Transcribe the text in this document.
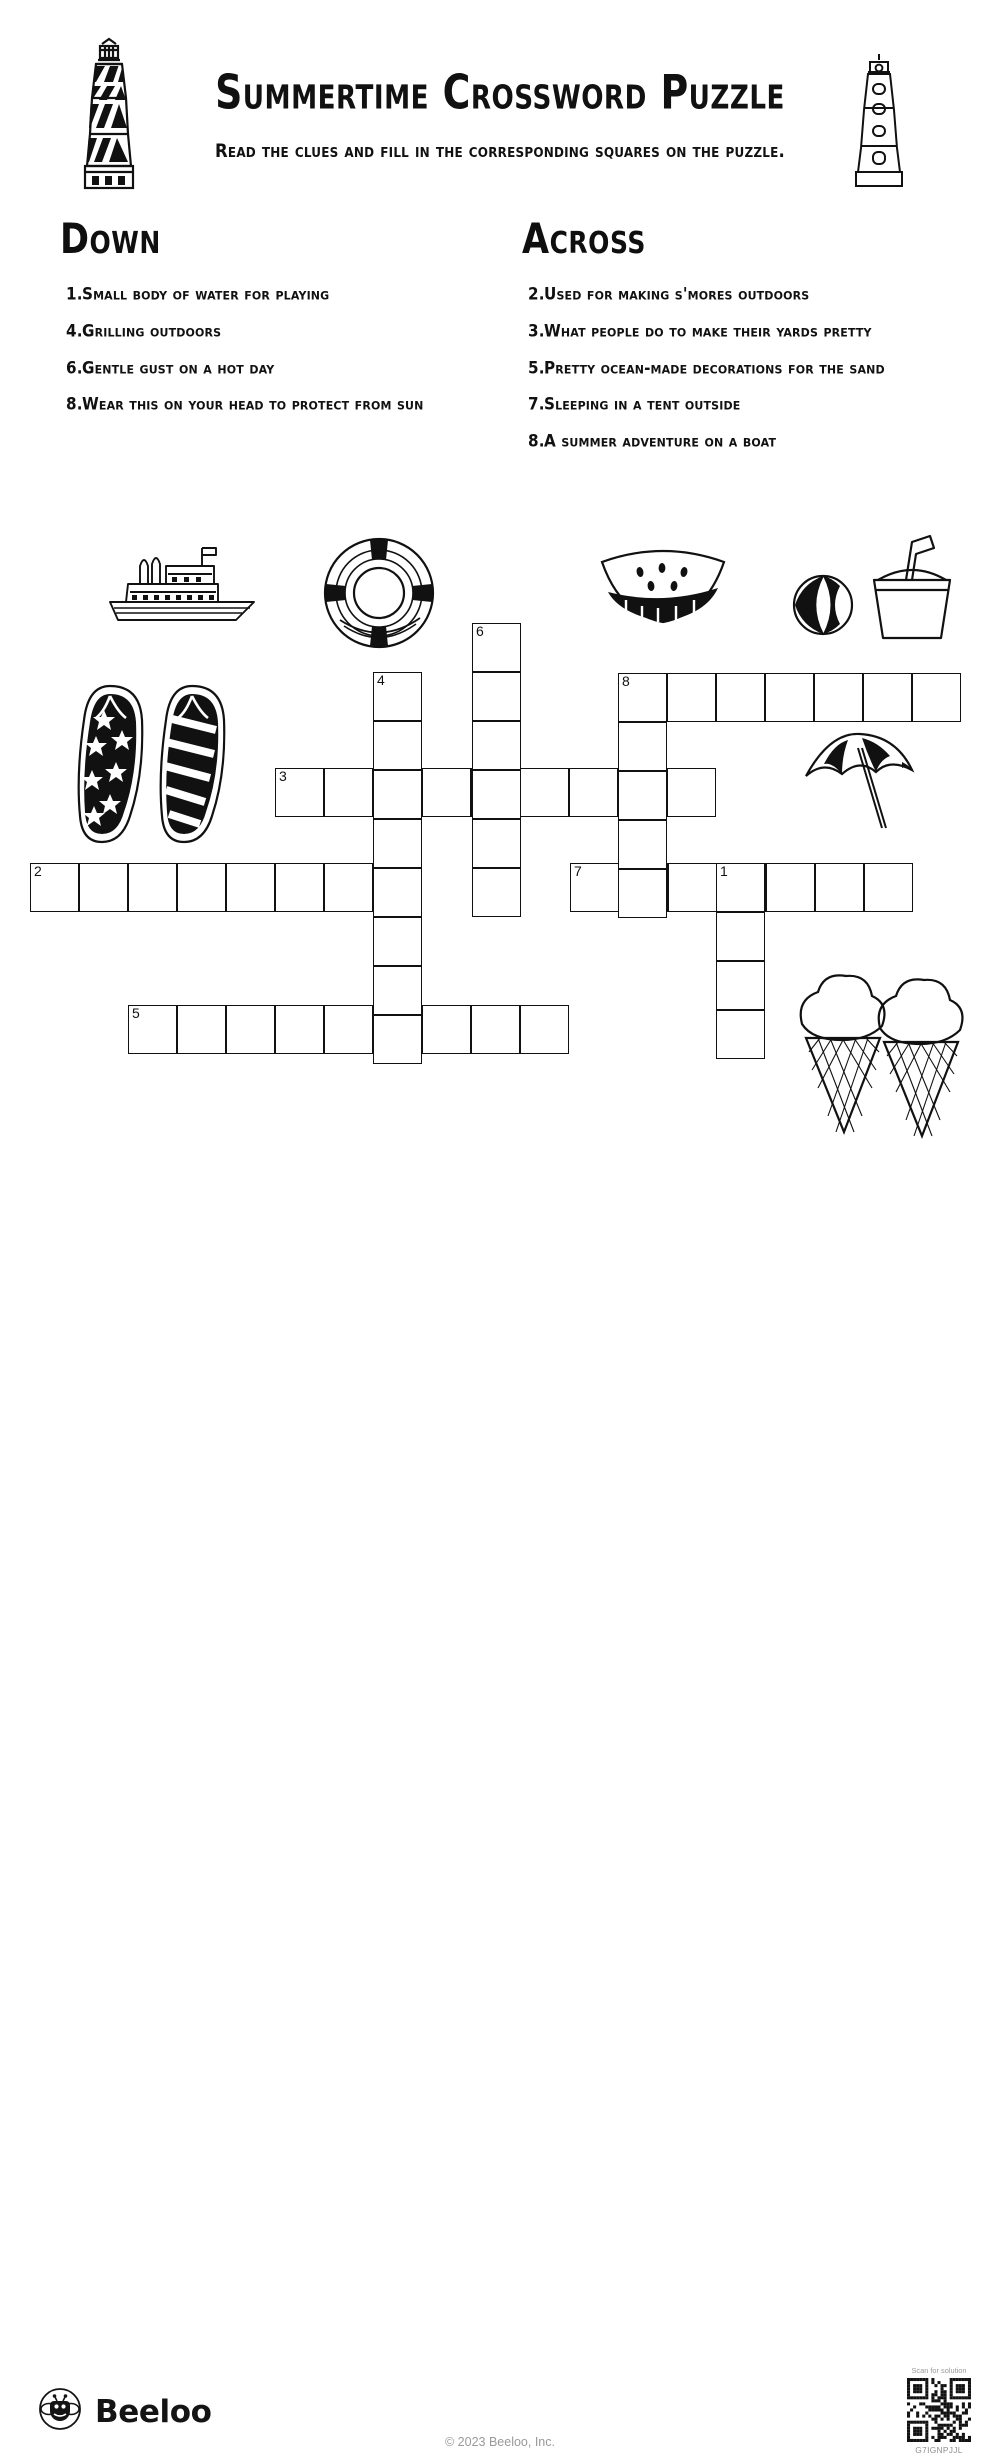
Summertime Crossword Puzzle
Read the clues and fill in the corresponding squares on the puzzle.
Down
1. Small body of water for playing
4. Grilling outdoors
6. Gentle gust on a hot day
8. Wear this on your head to protect from sun
Across
2. Used for making s'mores outdoors
3. What people do to make their yards pretty
5. Pretty ocean-made decorations for the sand
7. Sleeping in a tent outside
8. A summer adventure on a boat
2
3
5
7
8
1
4
6
Beeloo
© 2023 Beeloo, Inc.
Scan for solution
G7IGNPJJL
